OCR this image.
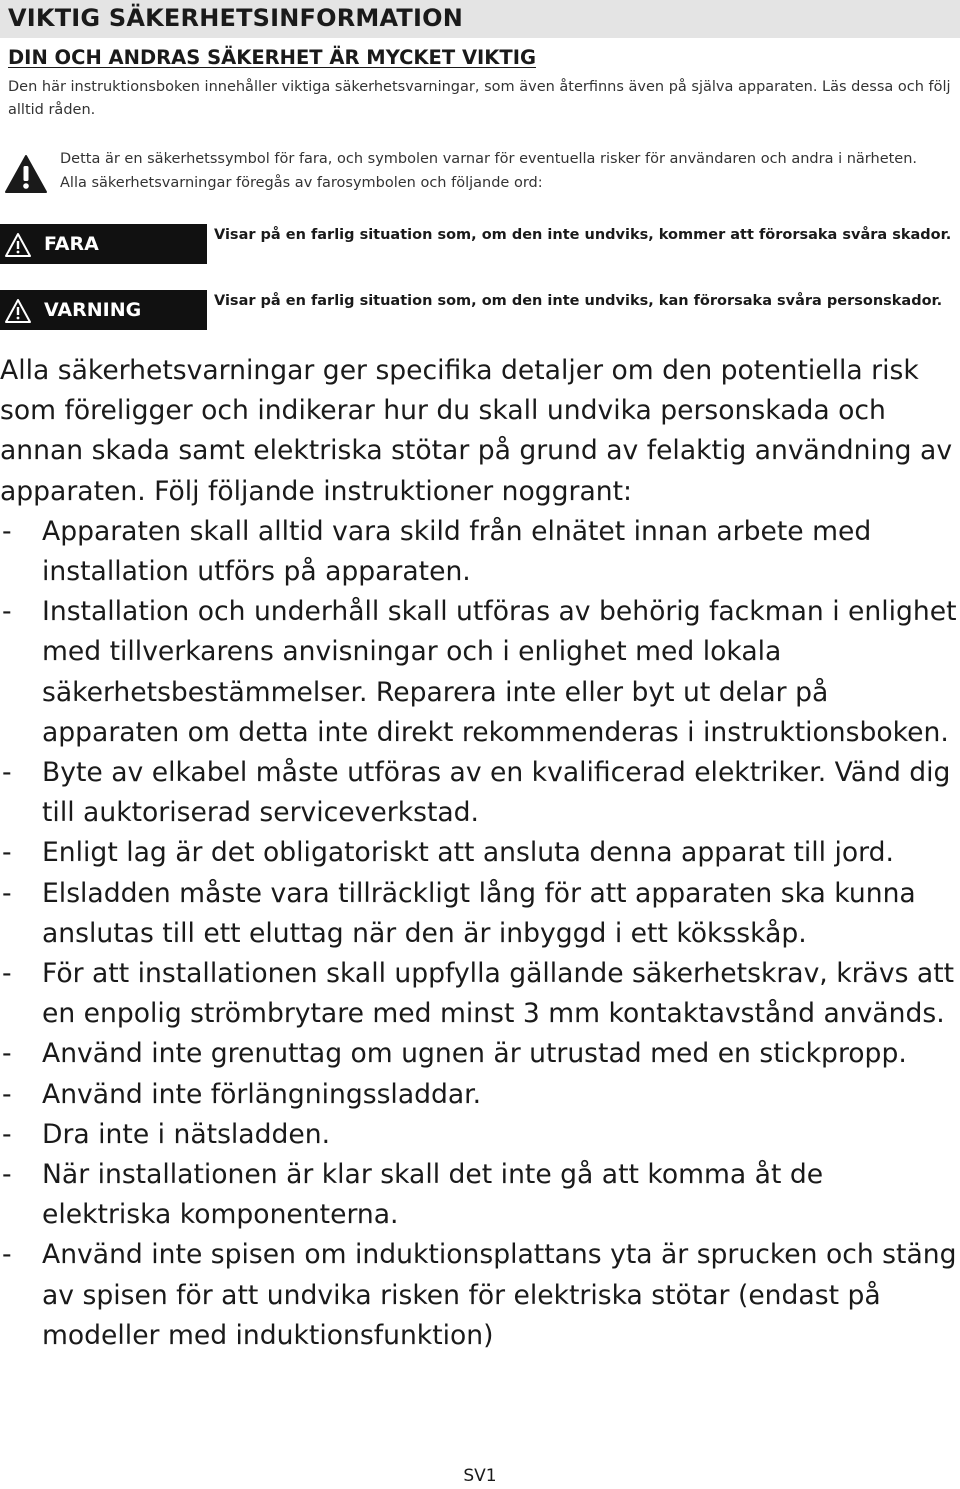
VIKTIG SÄKERHETSINFORMATION
DIN OCH ANDRAS SÄKERHET ÄR MYCKET VIKTIG
Den här instruktionsboken innehåller viktiga säkerhetsvarningar, som även återfinns även på själva apparaten. Läs dessa och följ alltid råden.
Detta är en säkerhetssymbol för fara, och symbolen varnar för eventuella risker för användaren och andra i närheten.
Alla säkerhetsvarningar föregås av farosymbolen och följande ord:
FARA	Visar på en farlig situation som, om den inte undviks, kommer att förorsaka svåra skador.
VARNING	Visar på en farlig situation som, om den inte undviks, kan förorsaka svåra personskador.
Alla säkerhetsvarningar ger specifika detaljer om den potentiella risk som föreligger och indikerar hur du skall undvika personskada och annan skada samt elektriska stötar på grund av felaktig användning av apparaten. Följ följande instruktioner noggrant:
- Apparaten skall alltid vara skild från elnätet innan arbete med installation utförs på apparaten.
- Installation och underhåll skall utföras av behörig fackman i enlighet med tillverkarens anvisningar och i enlighet med lokala säkerhetsbestämmelser. Reparera inte eller byt ut delar på apparaten om detta inte direkt rekommenderas i instruktionsboken.
- Byte av elkabel måste utföras av en kvalificerad elektriker. Vänd dig till auktoriserad serviceverkstad.
- Enligt lag är det obligatoriskt att ansluta denna apparat till jord.
- Elsladden måste vara tillräckligt lång för att apparaten ska kunna anslutas till ett eluttag när den är inbyggd i ett köksskåp.
- För att installationen skall uppfylla gällande säkerhetskrav, krävs att en enpolig strömbrytare med minst 3 mm kontaktavstånd används.
- Använd inte grenuttag om ugnen är utrustad med en stickpropp.
- Använd inte förlängningssladdar.
- Dra inte i nätsladden.
- När installationen är klar skall det inte gå att komma åt de elektriska komponenterna.
- Använd inte spisen om induktionsplattans yta är sprucken och stäng av spisen för att undvika risken för elektriska stötar (endast på modeller med induktionsfunktion)
SV1
